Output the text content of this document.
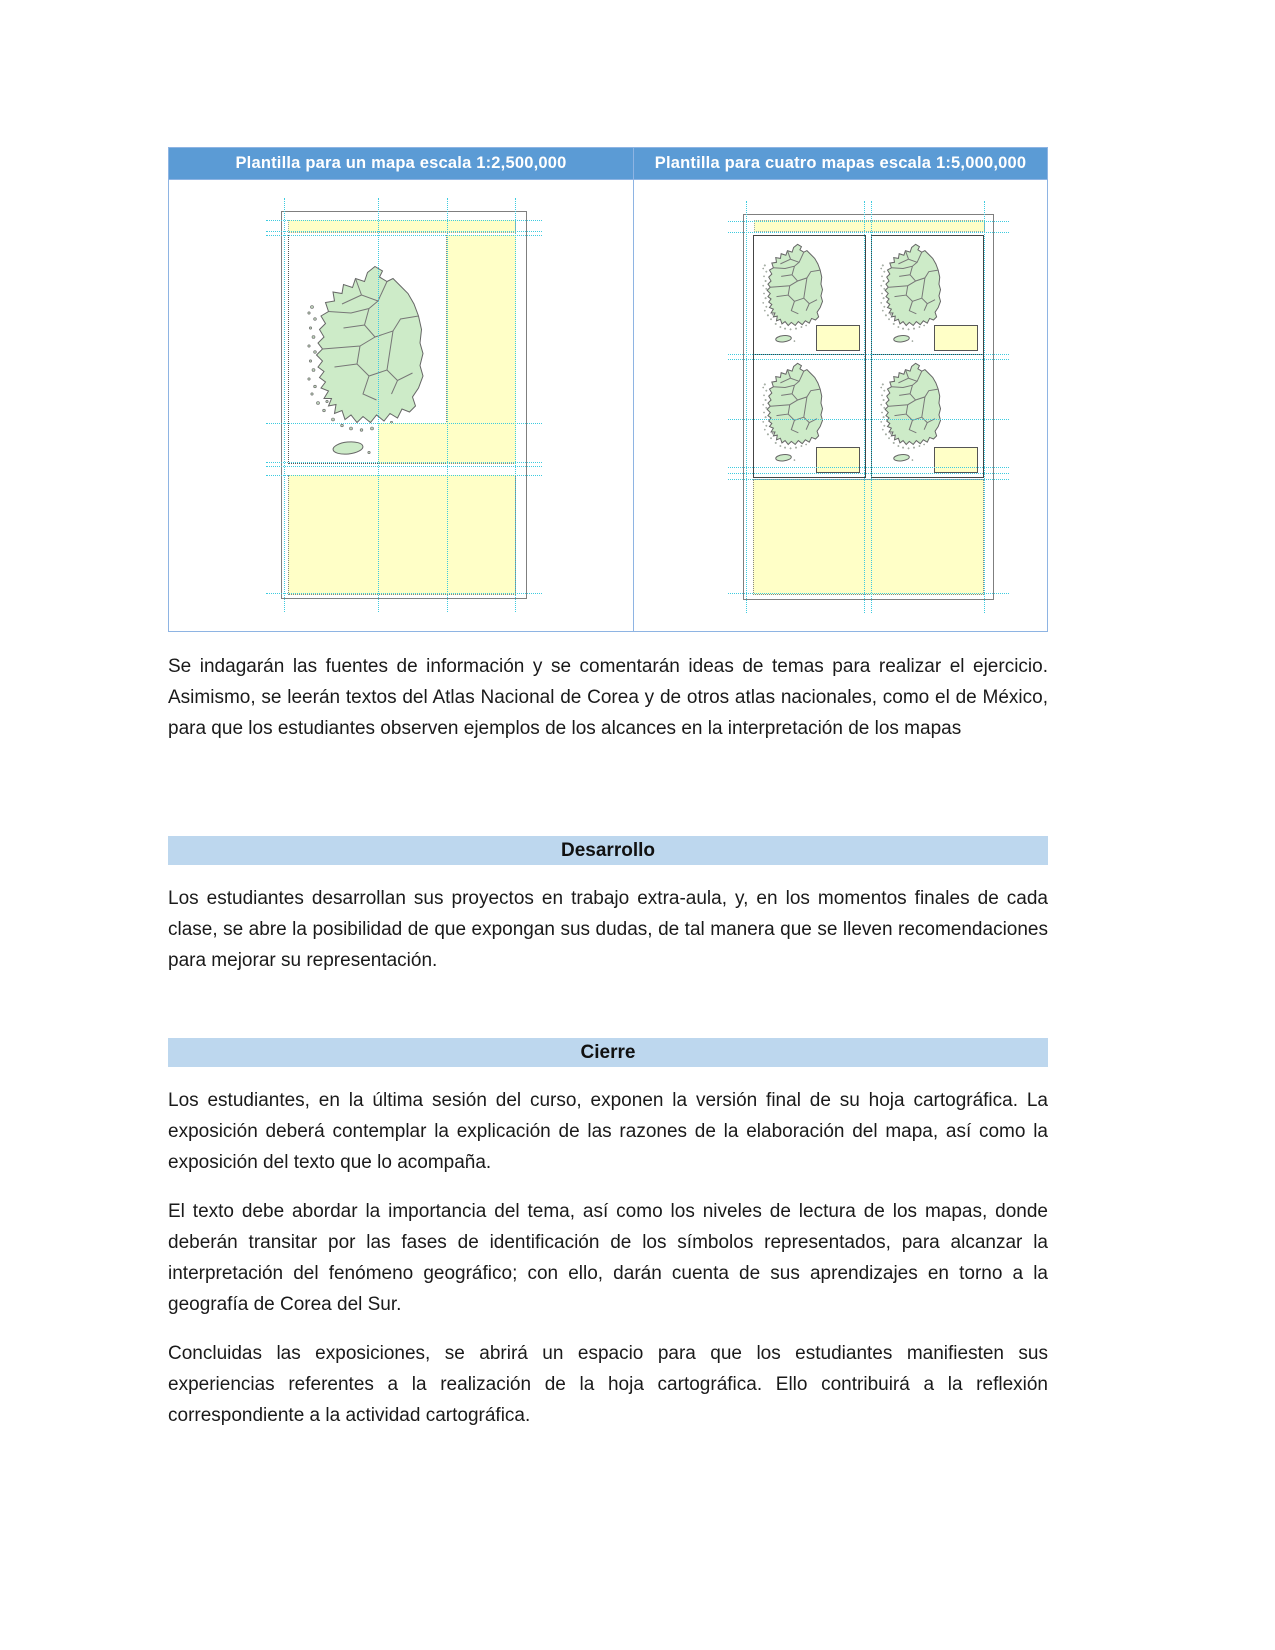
Plantilla para un mapa escala 1:2,500,000	Plantilla para cuatro mapas escala 1:5,000,000

Se indagarán las fuentes de información y se comentarán ideas de temas para realizar el ejercicio. Asimismo, se leerán textos del Atlas Nacional de Corea y de otros atlas nacionales, como el de México, para que los estudiantes observen ejemplos de los alcances en la interpretación de los mapas

Desarrollo

Los estudiantes desarrollan sus proyectos en trabajo extra-aula, y, en los momentos finales de cada clase, se abre la posibilidad de que expongan sus dudas, de tal manera que se lleven recomendaciones para mejorar su representación.

Cierre

Los estudiantes, en la última sesión del curso, exponen la versión final de su hoja cartográfica. La exposición deberá contemplar la explicación de las razones de la elaboración del mapa, así como la exposición del texto que lo acompaña.

El texto debe abordar la importancia del tema, así como los niveles de lectura de los mapas, donde deberán transitar por las fases de identificación de los símbolos representados, para alcanzar la interpretación del fenómeno geográfico; con ello, darán cuenta de sus aprendizajes en torno a la geografía de Corea del Sur.

Concluidas las exposiciones, se abrirá un espacio para que los estudiantes manifiesten sus experiencias referentes a la realización de la hoja cartográfica. Ello contribuirá a la reflexión correspondiente a la actividad cartográfica.
